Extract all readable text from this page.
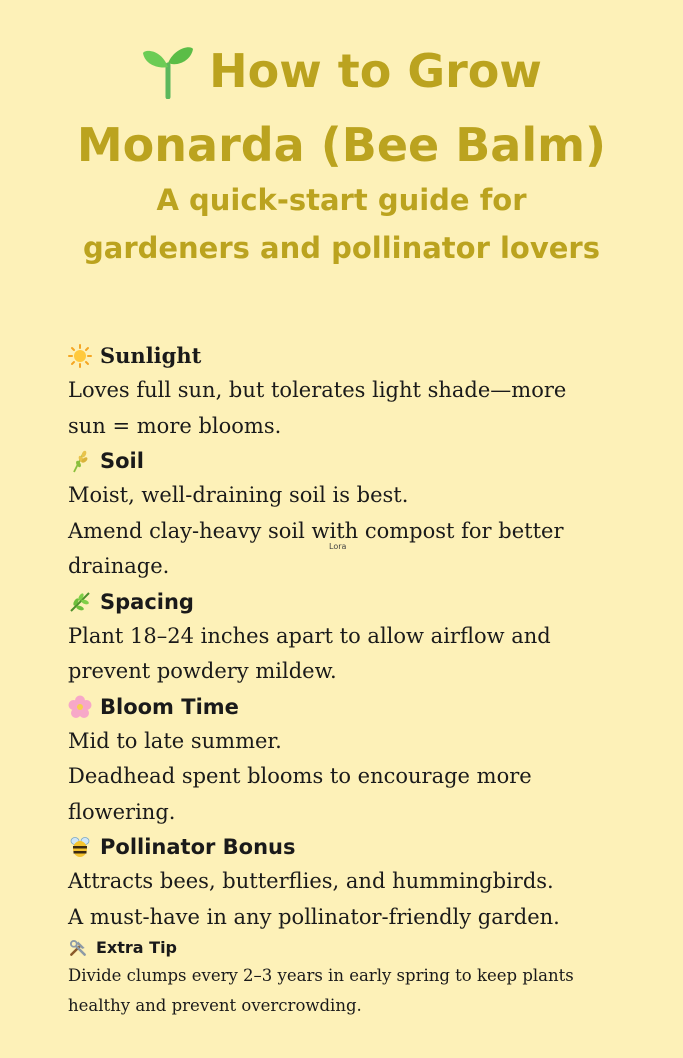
How to Grow
Monarda (Bee Balm)
A quick-start guide for
gardeners and pollinator lovers
Sunlight
Loves full sun, but tolerates light shade—more
sun = more blooms.
Soil
Moist, well-draining soil is best.
Amend clay-heavy soil with compost for better
drainage.
Spacing
Plant 18–24 inches apart to allow airflow and
prevent powdery mildew.
Bloom Time
Mid to late summer.
Deadhead spent blooms to encourage more
flowering.
Pollinator Bonus
Attracts bees, butterflies, and hummingbirds.
A must-have in any pollinator-friendly garden.
Extra Tip
Divide clumps every 2–3 years in early spring to keep plants
healthy and prevent overcrowding.
Lora
